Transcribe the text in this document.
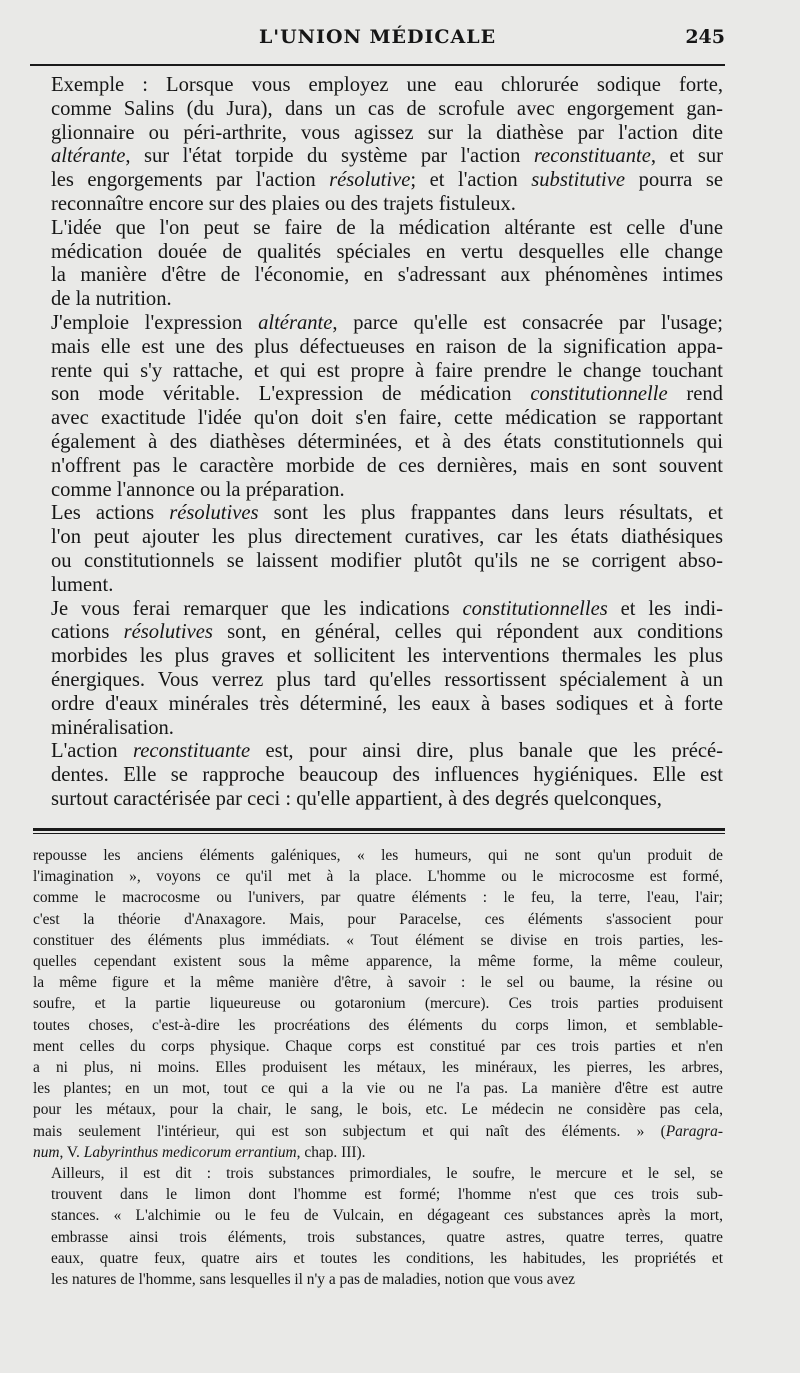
L'UNION MÉDICALE	245

Exemple : Lorsque vous employez une eau chlorurée sodique forte,
comme Salins (du Jura), dans un cas de scrofule avec engorgement gan-
glionnaire ou péri-arthrite, vous agissez sur la diathèse par l'action dite
altérante, sur l'état torpide du système par l'action reconstituante, et sur
les engorgements par l'action résolutive; et l'action substitutive pourra se
reconnaître encore sur des plaies ou des trajets fistuleux.

L'idée que l'on peut se faire de la médication altérante est celle d'une
médication douée de qualités spéciales en vertu desquelles elle change
la manière d'être de l'économie, en s'adressant aux phénomènes intimes
de la nutrition.

J'emploie l'expression altérante, parce qu'elle est consacrée par l'usage;
mais elle est une des plus défectueuses en raison de la signification appa-
rente qui s'y rattache, et qui est propre à faire prendre le change touchant
son mode véritable. L'expression de médication constitutionnelle rend
avec exactitude l'idée qu'on doit s'en faire, cette médication se rapportant
également à des diathèses déterminées, et à des états constitutionnels qui
n'offrent pas le caractère morbide de ces dernières, mais en sont souvent
comme l'annonce ou la préparation.

Les actions résolutives sont les plus frappantes dans leurs résultats, et
l'on peut ajouter les plus directement curatives, car les états diathésiques
ou constitutionnels se laissent modifier plutôt qu'ils ne se corrigent abso-
lument.

Je vous ferai remarquer que les indications constitutionnelles et les indi-
cations résolutives sont, en général, celles qui répondent aux conditions
morbides les plus graves et sollicitent les interventions thermales les plus
énergiques. Vous verrez plus tard qu'elles ressortissent spécialement à un
ordre d'eaux minérales très déterminé, les eaux à bases sodiques et à forte
minéralisation.

L'action reconstituante est, pour ainsi dire, plus banale que les précé-
dentes. Elle se rapproche beaucoup des influences hygiéniques. Elle est
surtout caractérisée par ceci : qu'elle appartient, à des degrés quelconques,

repousse les anciens éléments galéniques, « les humeurs, qui ne sont qu'un produit de
l'imagination », voyons ce qu'il met à la place. L'homme ou le microcosme est formé,
comme le macrocosme ou l'univers, par quatre éléments : le feu, la terre, l'eau, l'air;
c'est la théorie d'Anaxagore. Mais, pour Paracelse, ces éléments s'associent pour
constituer des éléments plus immédiats. « Tout élément se divise en trois parties, les-
quelles cependant existent sous la même apparence, la même forme, la même couleur,
la même figure et la même manière d'être, à savoir : le sel ou baume, la résine ou
soufre, et la partie liqueureuse ou gotaronium (mercure). Ces trois parties produisent
toutes choses, c'est-à-dire les procréations des éléments du corps limon, et semblable-
ment celles du corps physique. Chaque corps est constitué par ces trois parties et n'en
a ni plus, ni moins. Elles produisent les métaux, les minéraux, les pierres, les arbres,
les plantes; en un mot, tout ce qui a la vie ou ne l'a pas. La manière d'être est autre
pour les métaux, pour la chair, le sang, le bois, etc. Le médecin ne considère pas cela,
mais seulement l'intérieur, qui est son subjectum et qui naît des éléments. » (Paragra-
num, V. Labyrinthus medicorum errantium, chap. III).

Ailleurs, il est dit : trois substances primordiales, le soufre, le mercure et le sel, se
trouvent dans le limon dont l'homme est formé; l'homme n'est que ces trois sub-
stances. « L'alchimie ou le feu de Vulcain, en dégageant ces substances après la mort,
embrasse ainsi trois éléments, trois substances, quatre astres, quatre terres, quatre
eaux, quatre feux, quatre airs et toutes les conditions, les habitudes, les propriétés et
les natures de l'homme, sans lesquelles il n'y a pas de maladies, notion que vous avez
